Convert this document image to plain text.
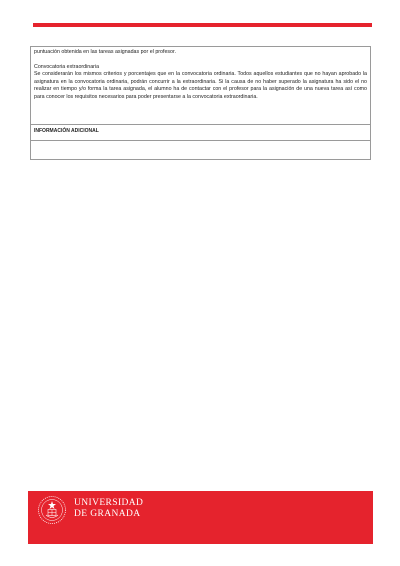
puntuación obtenida en las tareas asignadas por el profesor.

Convocatoria extraordinaria
Se considerarán los mismos criterios y porcentajes que en la convocatoria ordinaria. Todos aquellos estudiantes que no hayan aprobado la asignatura en la convocatoria ordinaria, podrán concurrir a la extraordinaria. Si la causa de no haber superado la asignatura ha sido el no realizar en tiempo y/o forma la tarea asignada, el alumno ha de contactar con el profesor para la asignación de una nueva tarea así como para conocer los requisitos necesarios para poder presentarse a la convocatoria extraordinaria.

INFORMACIÓN ADICIONAL
UNIVERSIDAD
DE GRANADA
